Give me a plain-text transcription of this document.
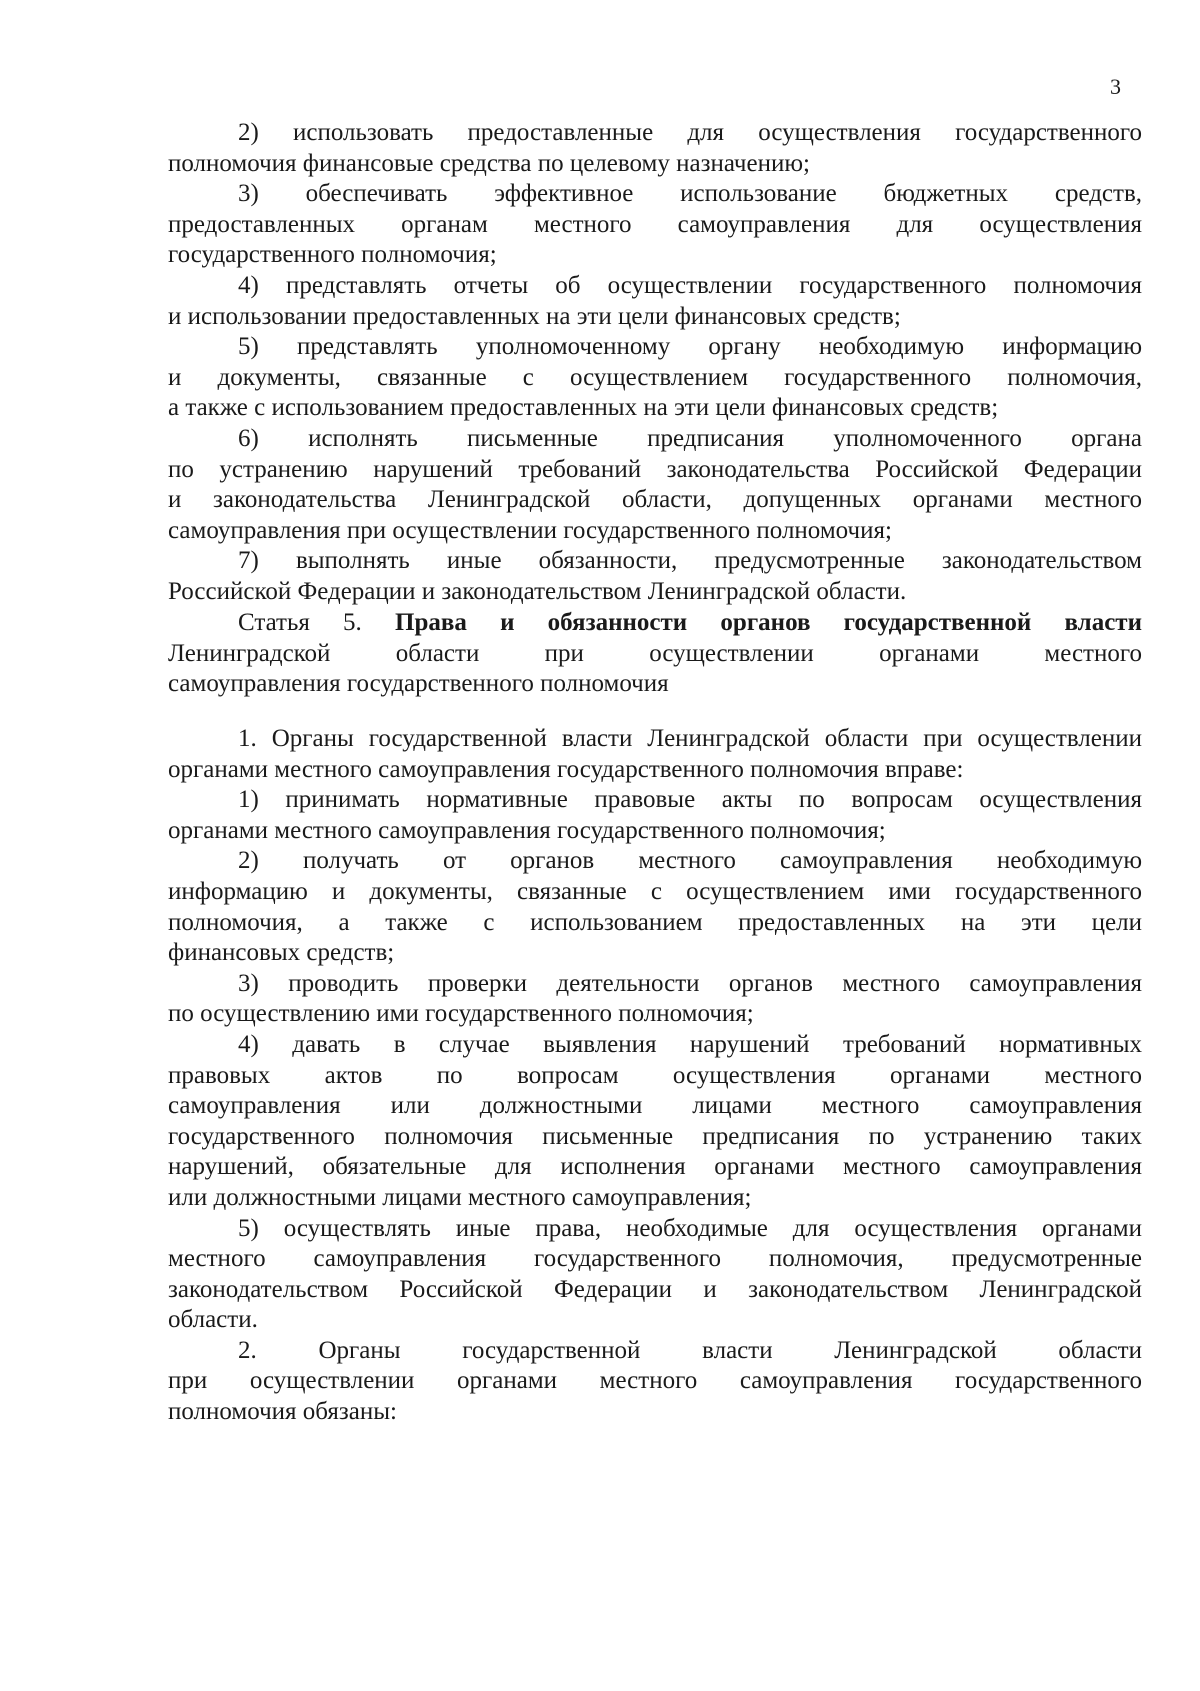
3
2) использовать предоставленные для осуществления государственного
полномочия финансовые средства по целевому назначению;
3) обеспечивать эффективное использование бюджетных средств,
предоставленных органам местного самоуправления для осуществления
государственного полномочия;
4) представлять отчеты об осуществлении государственного полномочия
и использовании предоставленных на эти цели финансовых средств;
5) представлять уполномоченному органу необходимую информацию
и документы, связанные с осуществлением государственного полномочия,
а также с использованием предоставленных на эти цели финансовых средств;
6) исполнять письменные предписания уполномоченного органа
по устранению нарушений требований законодательства Российской Федерации
и законодательства Ленинградской области, допущенных органами местного
самоуправления при осуществлении государственного полномочия;
7) выполнять иные обязанности, предусмотренные законодательством
Российской Федерации и законодательством Ленинградской области.
Статья 5. Права и обязанности органов государственной власти
Ленинградской области при осуществлении органами местного
самоуправления государственного полномочия
1. Органы государственной власти Ленинградской области при осуществлении
органами местного самоуправления государственного полномочия вправе:
1) принимать нормативные правовые акты по вопросам осуществления
органами местного самоуправления государственного полномочия;
2) получать от органов местного самоуправления необходимую
информацию и документы, связанные с осуществлением ими государственного
полномочия, а также с использованием предоставленных на эти цели
финансовых средств;
3) проводить проверки деятельности органов местного самоуправления
по осуществлению ими государственного полномочия;
4) давать в случае выявления нарушений требований нормативных
правовых актов по вопросам осуществления органами местного
самоуправления или должностными лицами местного самоуправления
государственного полномочия письменные предписания по устранению таких
нарушений, обязательные для исполнения органами местного самоуправления
или должностными лицами местного самоуправления;
5) осуществлять иные права, необходимые для осуществления органами
местного самоуправления государственного полномочия, предусмотренные
законодательством Российской Федерации и законодательством Ленинградской
области.
2. Органы государственной власти Ленинградской области
при осуществлении органами местного самоуправления государственного
полномочия обязаны:
